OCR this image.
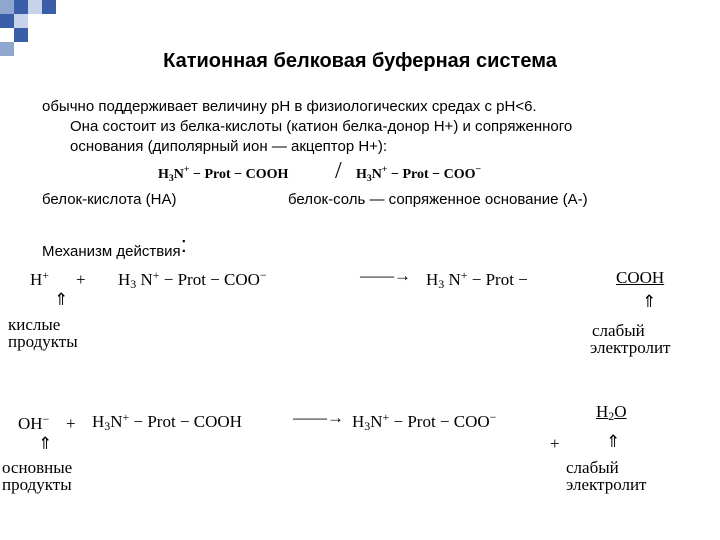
Катионная белковая буферная система
обычно поддерживает величину pH в физиологических средах с pH<6.
Она состоит из белка-кислоты (катион белка-донор H+) и сопряженного
основания (диполярный ион — акцептор H+):
$H_3N^+$ − Prot − COOH / $H_3N^+$ − Prot − COO−
белок-кислота (HA)	белок-соль — сопряженное основание (A-)
Механизм действия:
$H^+ + H_3$ N+ − Prot − COO−	——→ $H_3$ N+ − Prot −	COOH
⇑	⇑
кислые
продукты
слабый
электролит
$OH^- + H_3N^+$ − Prot − COOH	——→ $H_3N^+$ − Prot − COO−	$H_2O$
+
⇑	⇑
основные
продукты
слабый
электролит
